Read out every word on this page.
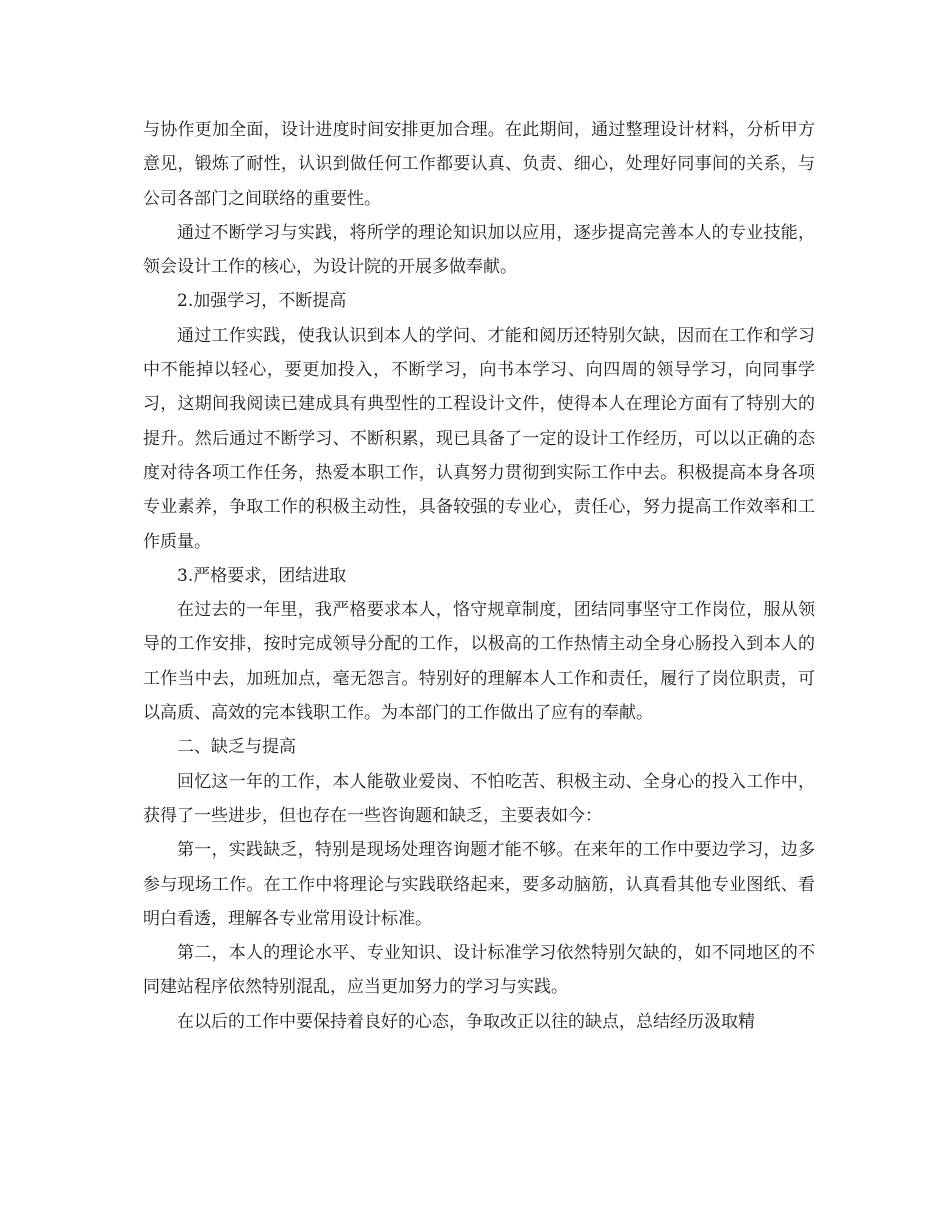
与协作更加全面，设计进度时间安排更加合理。在此期间，通过整理设计材料，分析甲方意见，锻炼了耐性，认识到做任何工作都要认真、负责、细心，处理好同事间的关系，与公司各部门之间联络的重要性。

通过不断学习与实践，将所学的理论知识加以应用，逐步提高完善本人的专业技能，领会设计工作的核心，为设计院的开展多做奉献。

2.加强学习，不断提高

通过工作实践，使我认识到本人的学问、才能和阅历还特别欠缺，因而在工作和学习中不能掉以轻心，要更加投入，不断学习，向书本学习、向四周的领导学习，向同事学习，这期间我阅读已建成具有典型性的工程设计文件，使得本人在理论方面有了特别大的提升。然后通过不断学习、不断积累，现已具备了一定的设计工作经历，可以以正确的态度对待各项工作任务，热爱本职工作，认真努力贯彻到实际工作中去。积极提高本身各项专业素养，争取工作的积极主动性，具备较强的专业心，责任心，努力提高工作效率和工作质量。

3.严格要求，团结进取

在过去的一年里，我严格要求本人，恪守规章制度，团结同事坚守工作岗位，服从领导的工作安排，按时完成领导分配的工作，以极高的工作热情主动全身心肠投入到本人的工作当中去，加班加点，毫无怨言。特别好的理解本人工作和责任，履行了岗位职责，可以高质、高效的完本钱职工作。为本部门的工作做出了应有的奉献。

二、缺乏与提高

回忆这一年的工作，本人能敬业爱岗、不怕吃苦、积极主动、全身心的投入工作中，获得了一些进步，但也存在一些咨询题和缺乏，主要表如今：

第一，实践缺乏，特别是现场处理咨询题才能不够。在来年的工作中要边学习，边多参与现场工作。在工作中将理论与实践联络起来，要多动脑筋，认真看其他专业图纸、看明白看透，理解各专业常用设计标准。

第二，本人的理论水平、专业知识、设计标准学习依然特别欠缺的，如不同地区的不同建站程序依然特别混乱，应当更加努力的学习与实践。

在以后的工作中要保持着良好的心态，争取改正以往的缺点，总结经历汲取精
